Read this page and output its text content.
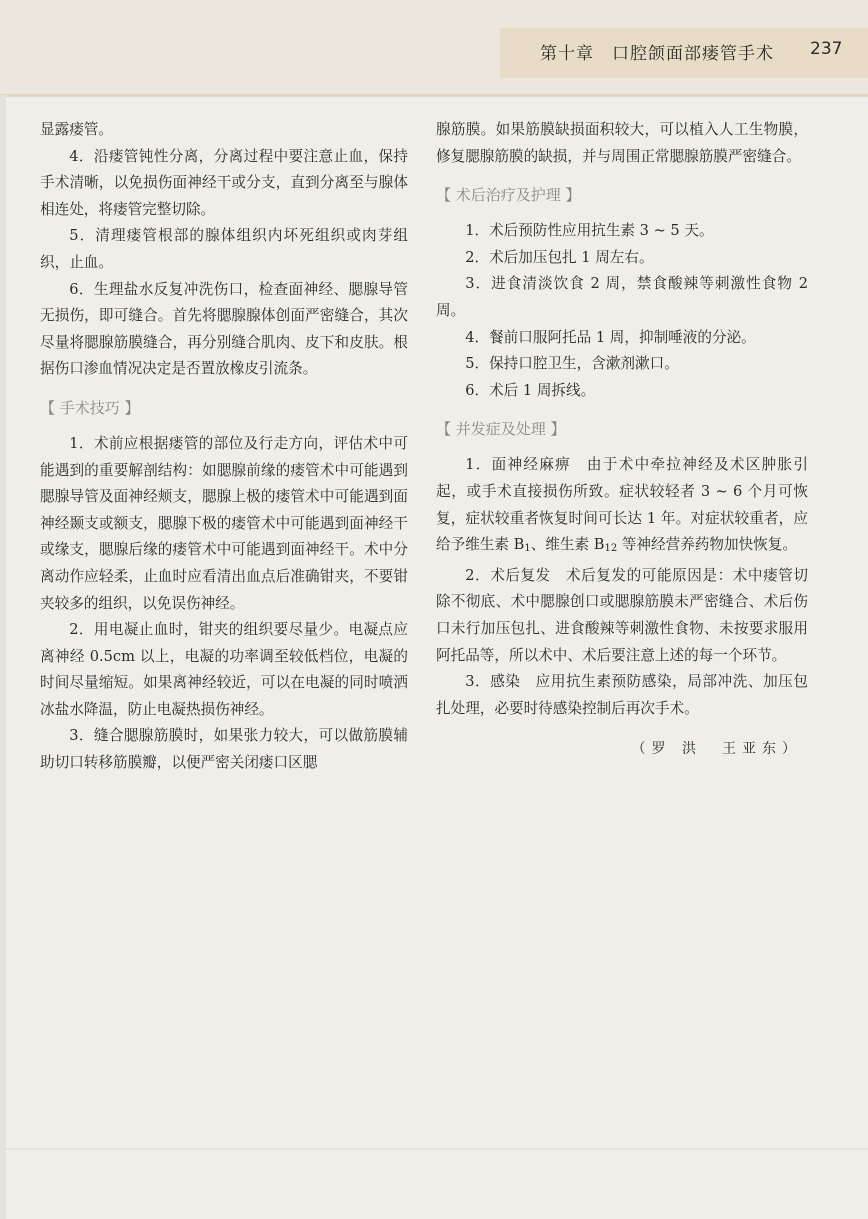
第十章　口腔颌面部瘘管手术 237

显露瘘管。

4．沿瘘管钝性分离，分离过程中要注意止血，保持手术清晰，以免损伤面神经干或分支，直到分离至与腺体相连处，将瘘管完整切除。

5．清理瘘管根部的腺体组织内坏死组织或肉芽组织，止血。

6．生理盐水反复冲洗伤口，检查面神经、腮腺导管无损伤，即可缝合。首先将腮腺腺体创面严密缝合，其次尽量将腮腺筋膜缝合，再分别缝合肌肉、皮下和皮肤。根据伤口渗血情况决定是否置放橡皮引流条。

【 手术技巧 】

1．术前应根据瘘管的部位及行走方向，评估术中可能遇到的重要解剖结构：如腮腺前缘的瘘管术中可能遇到腮腺导管及面神经颊支，腮腺上极的瘘管术中可能遇到面神经颞支或额支，腮腺下极的瘘管术中可能遇到面神经干或缘支，腮腺后缘的瘘管术中可能遇到面神经干。术中分离动作应轻柔，止血时应看清出血点后准确钳夹，不要钳夹较多的组织，以免误伤神经。

2．用电凝止血时，钳夹的组织要尽量少。电凝点应离神经 0.5cm 以上，电凝的功率调至较低档位，电凝的时间尽量缩短。如果离神经较近，可以在电凝的同时喷洒冰盐水降温，防止电凝热损伤神经。

3．缝合腮腺筋膜时，如果张力较大，可以做筋膜辅助切口转移筋膜瓣，以便严密关闭瘘口区腮

腺筋膜。如果筋膜缺损面积较大，可以植入人工生物膜，修复腮腺筋膜的缺损，并与周围正常腮腺筋膜严密缝合。

【 术后治疗及护理 】

1．术后预防性应用抗生素 3 ~ 5 天。

2．术后加压包扎 1 周左右。

3．进食清淡饮食 2 周，禁食酸辣等刺激性食物 2 周。

4．餐前口服阿托品 1 周，抑制唾液的分泌。

5．保持口腔卫生，含漱剂漱口。

6．术后 1 周拆线。

【 并发症及处理 】

1．面神经麻痹　由于术中牵拉神经及术区肿胀引起，或手术直接损伤所致。症状较轻者 3 ~ 6 个月可恢复，症状较重者恢复时间可长达 1 年。对症状较重者，应给予维生素 $B_1$、维生素 $B_{12}$ 等神经营养药物加快恢复。

2．术后复发　术后复发的可能原因是：术中瘘管切除不彻底、术中腮腺创口或腮腺筋膜未严密缝合、术后伤口未行加压包扎、进食酸辣等刺激性食物、未按要求服用阿托品等，所以术中、术后要注意上述的每一个环节。

3．感染　应用抗生素预防感染，局部冲洗、加压包扎处理，必要时待感染控制后再次手术。

（罗 洪　王亚东）
